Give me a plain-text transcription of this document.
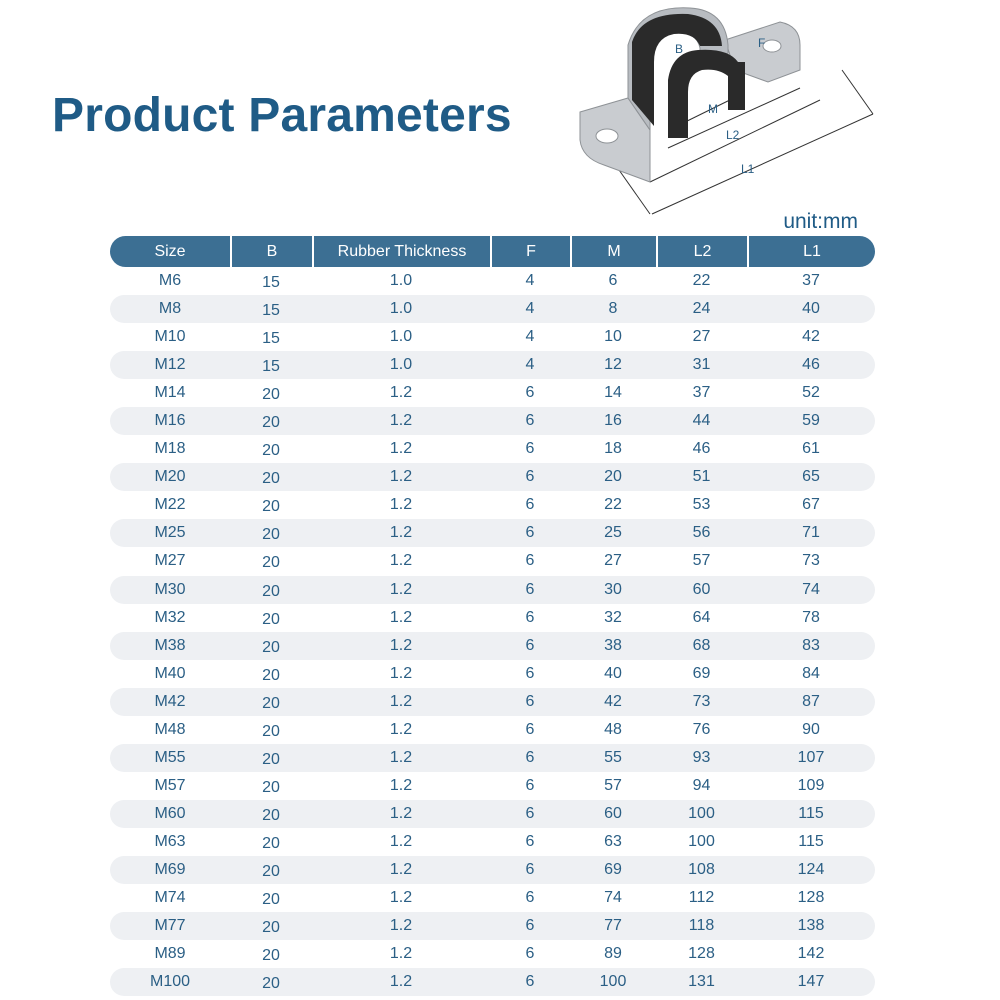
Product Parameters
B	F
M
L2
L1
unit:mm
Size	B	Rubber Thickness	F	M	L2	L1
M6	15	1.0	4	6	22	37
M8	15	1.0	4	8	24	40
M10	15	1.0	4	10	27	42
M12	15	1.0	4	12	31	46
M14	20	1.2	6	14	37	52
M16	20	1.2	6	16	44	59
M18	20	1.2	6	18	46	61
M20	20	1.2	6	20	51	65
M22	20	1.2	6	22	53	67
M25	20	1.2	6	25	56	71
M27	20	1.2	6	27	57	73
M30	20	1.2	6	30	60	74
M32	20	1.2	6	32	64	78
M38	20	1.2	6	38	68	83
M40	20	1.2	6	40	69	84
M42	20	1.2	6	42	73	87
M48	20	1.2	6	48	76	90
M55	20	1.2	6	55	93	107
M57	20	1.2	6	57	94	109
M60	20	1.2	6	60	100	115
M63	20	1.2	6	63	100	115
M69	20	1.2	6	69	108	124
M74	20	1.2	6	74	112	128
M77	20	1.2	6	77	118	138
M89	20	1.2	6	89	128	142
M100	20	1.2	6	100	131	147
